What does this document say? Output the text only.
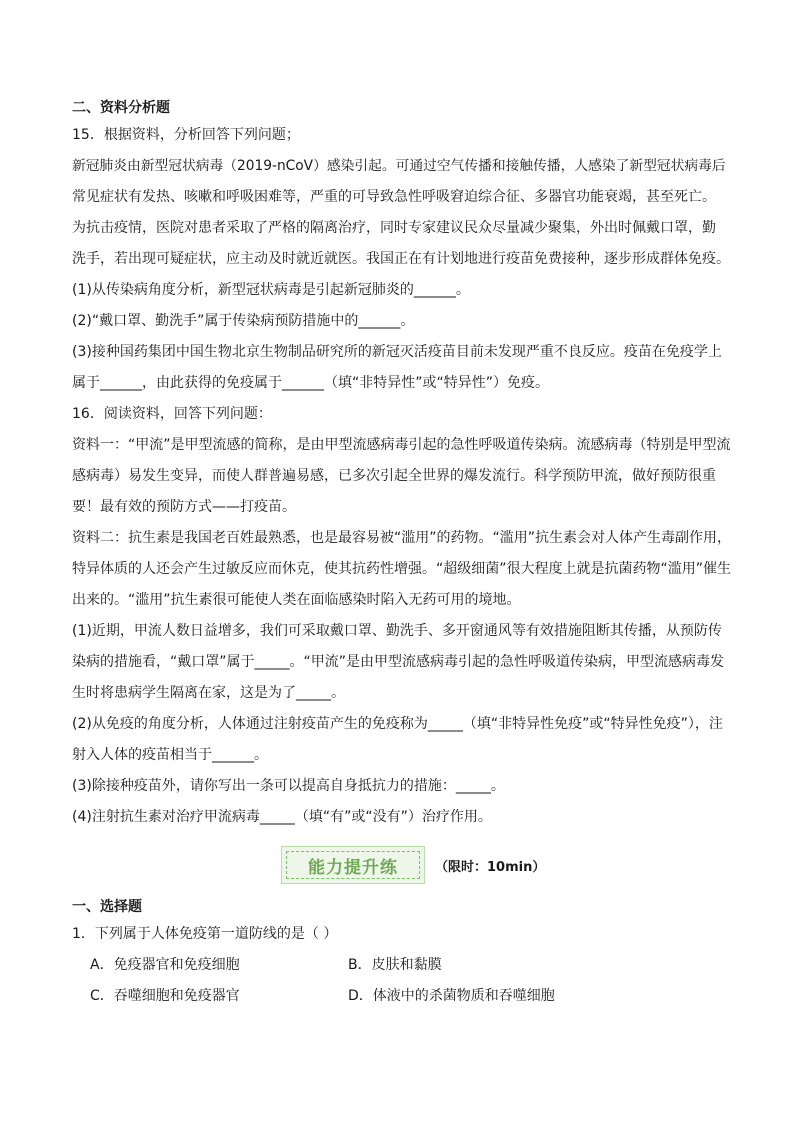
二、资料分析题
15．根据资料，分析回答下列问题；
新冠肺炎由新型冠状病毒（2019-nCoV）感染引起。可通过空气传播和接触传播，人感染了新型冠状病毒后
常见症状有发热、咳嗽和呼吸困难等，严重的可导致急性呼吸窘迫综合征、多器官功能衰竭，甚至死亡。
为抗击疫情，医院对患者采取了严格的隔离治疗，同时专家建议民众尽量减少聚集，外出时佩戴口罩，勤
洗手，若出现可疑症状，应主动及时就近就医。我国正在有计划地进行疫苗免费接种，逐步形成群体免疫。
(1)从传染病角度分析，新型冠状病毒是引起新冠肺炎的______。
(2)“戴口罩、勤洗手”属于传染病预防措施中的______。
(3)接种国药集团中国生物北京生物制品研究所的新冠灭活疫苗目前未发现严重不良反应。疫苗在免疫学上
属于______，由此获得的免疫属于______（填“非特异性”或“特异性”）免疫。
16．阅读资料，回答下列问题：
资料一：“甲流”是甲型流感的简称，是由甲型流感病毒引起的急性呼吸道传染病。流感病毒（特别是甲型流
感病毒）易发生变异，而使人群普遍易感，已多次引起全世界的爆发流行。科学预防甲流，做好预防很重
要！最有效的预防方式——打疫苗。
资料二：抗生素是我国老百姓最熟悉，也是最容易被“滥用”的药物。“滥用”抗生素会对人体产生毒副作用，
特异体质的人还会产生过敏反应而休克，使其抗药性增强。“超级细菌”很大程度上就是抗菌药物“滥用”催生
出来的。“滥用”抗生素很可能使人类在面临感染时陷入无药可用的境地。
(1)近期，甲流人数日益增多，我们可采取戴口罩、勤洗手、多开窗通风等有效措施阻断其传播，从预防传
染病的措施看，“戴口罩”属于_____。“甲流”是由甲型流感病毒引起的急性呼吸道传染病，甲型流感病毒发
生时将患病学生隔离在家，这是为了_____。
(2)从免疫的角度分析，人体通过注射疫苗产生的免疫称为_____（填“非特异性免疫”或“特异性免疫”），注
射入人体的疫苗相当于______。
(3)除接种疫苗外，请你写出一条可以提高自身抵抗力的措施：_____。
(4)注射抗生素对治疗甲流病毒_____（填“有”或“没有”）治疗作用。
能力提升练	（限时：10min）
一、选择题
1．下列属于人体免疫第一道防线的是（ ）
A．免疫器官和免疫细胞	B．皮肤和黏膜
C．吞噬细胞和免疫器官	D．体液中的杀菌物质和吞噬细胞
